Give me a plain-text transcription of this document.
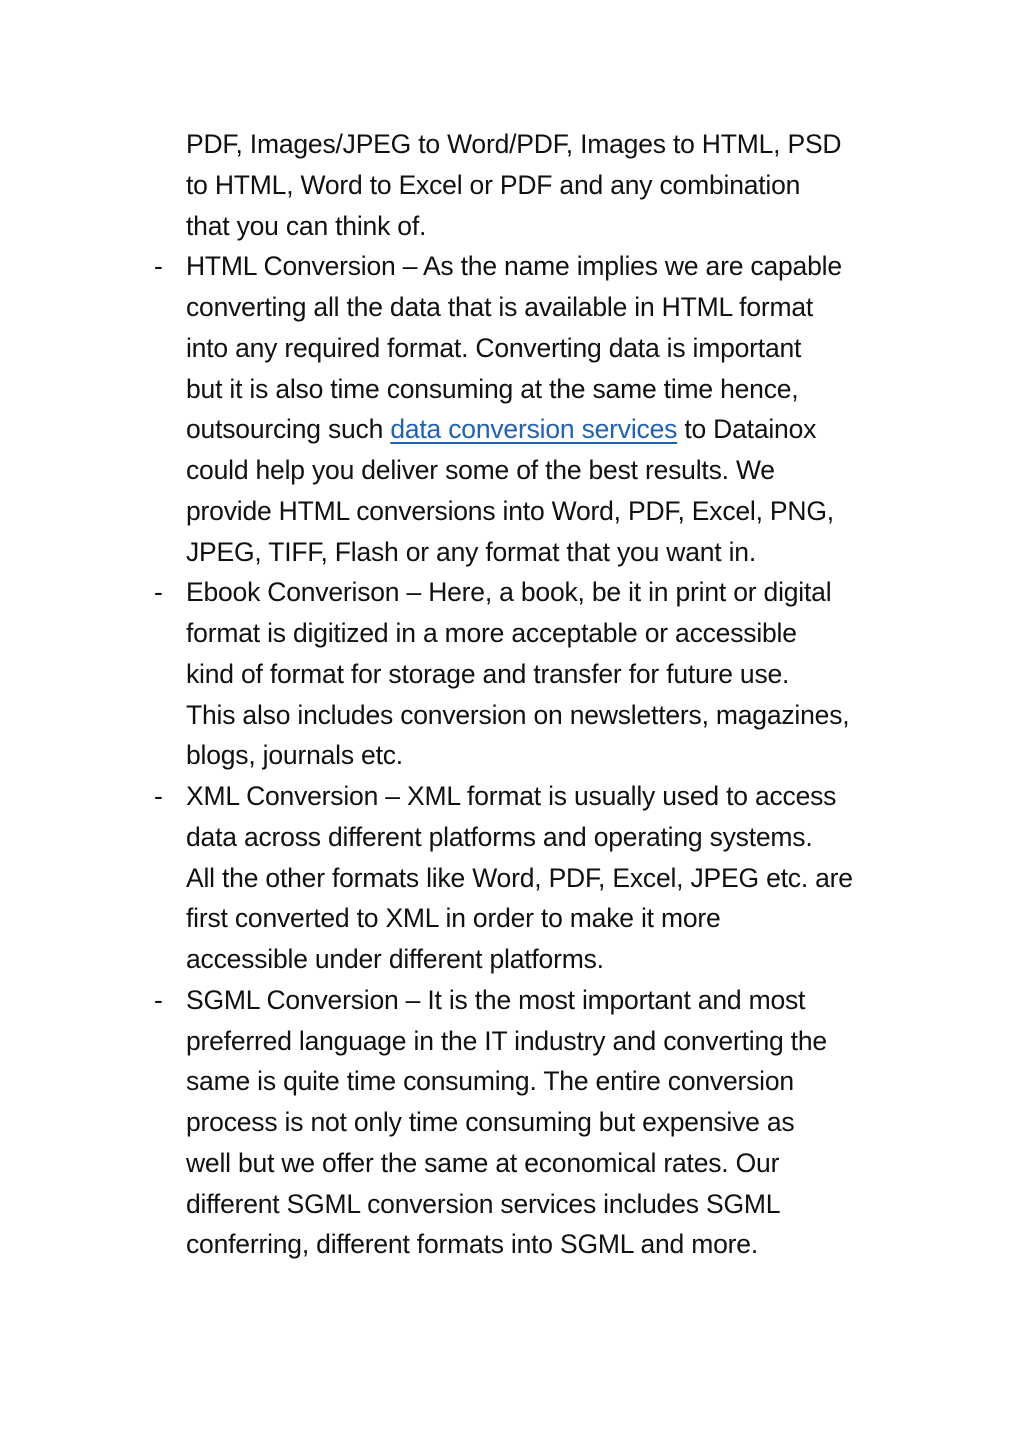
PDF, Images/JPEG to Word/PDF, Images to HTML, PSD
to HTML, Word to Excel or PDF and any combination
that you can think of.
- HTML Conversion – As the name implies we are capable
converting all the data that is available in HTML format
into any required format. Converting data is important
but it is also time consuming at the same time hence,
outsourcing such data conversion services to Datainox
could help you deliver some of the best results. We
provide HTML conversions into Word, PDF, Excel, PNG,
JPEG, TIFF, Flash or any format that you want in.
- Ebook Converison – Here, a book, be it in print or digital
format is digitized in a more acceptable or accessible
kind of format for storage and transfer for future use.
This also includes conversion on newsletters, magazines,
blogs, journals etc.
- XML Conversion – XML format is usually used to access
data across different platforms and operating systems.
All the other formats like Word, PDF, Excel, JPEG etc. are
first converted to XML in order to make it more
accessible under different platforms.
- SGML Conversion – It is the most important and most
preferred language in the IT industry and converting the
same is quite time consuming. The entire conversion
process is not only time consuming but expensive as
well but we offer the same at economical rates. Our
different SGML conversion services includes SGML
conferring, different formats into SGML and more.
